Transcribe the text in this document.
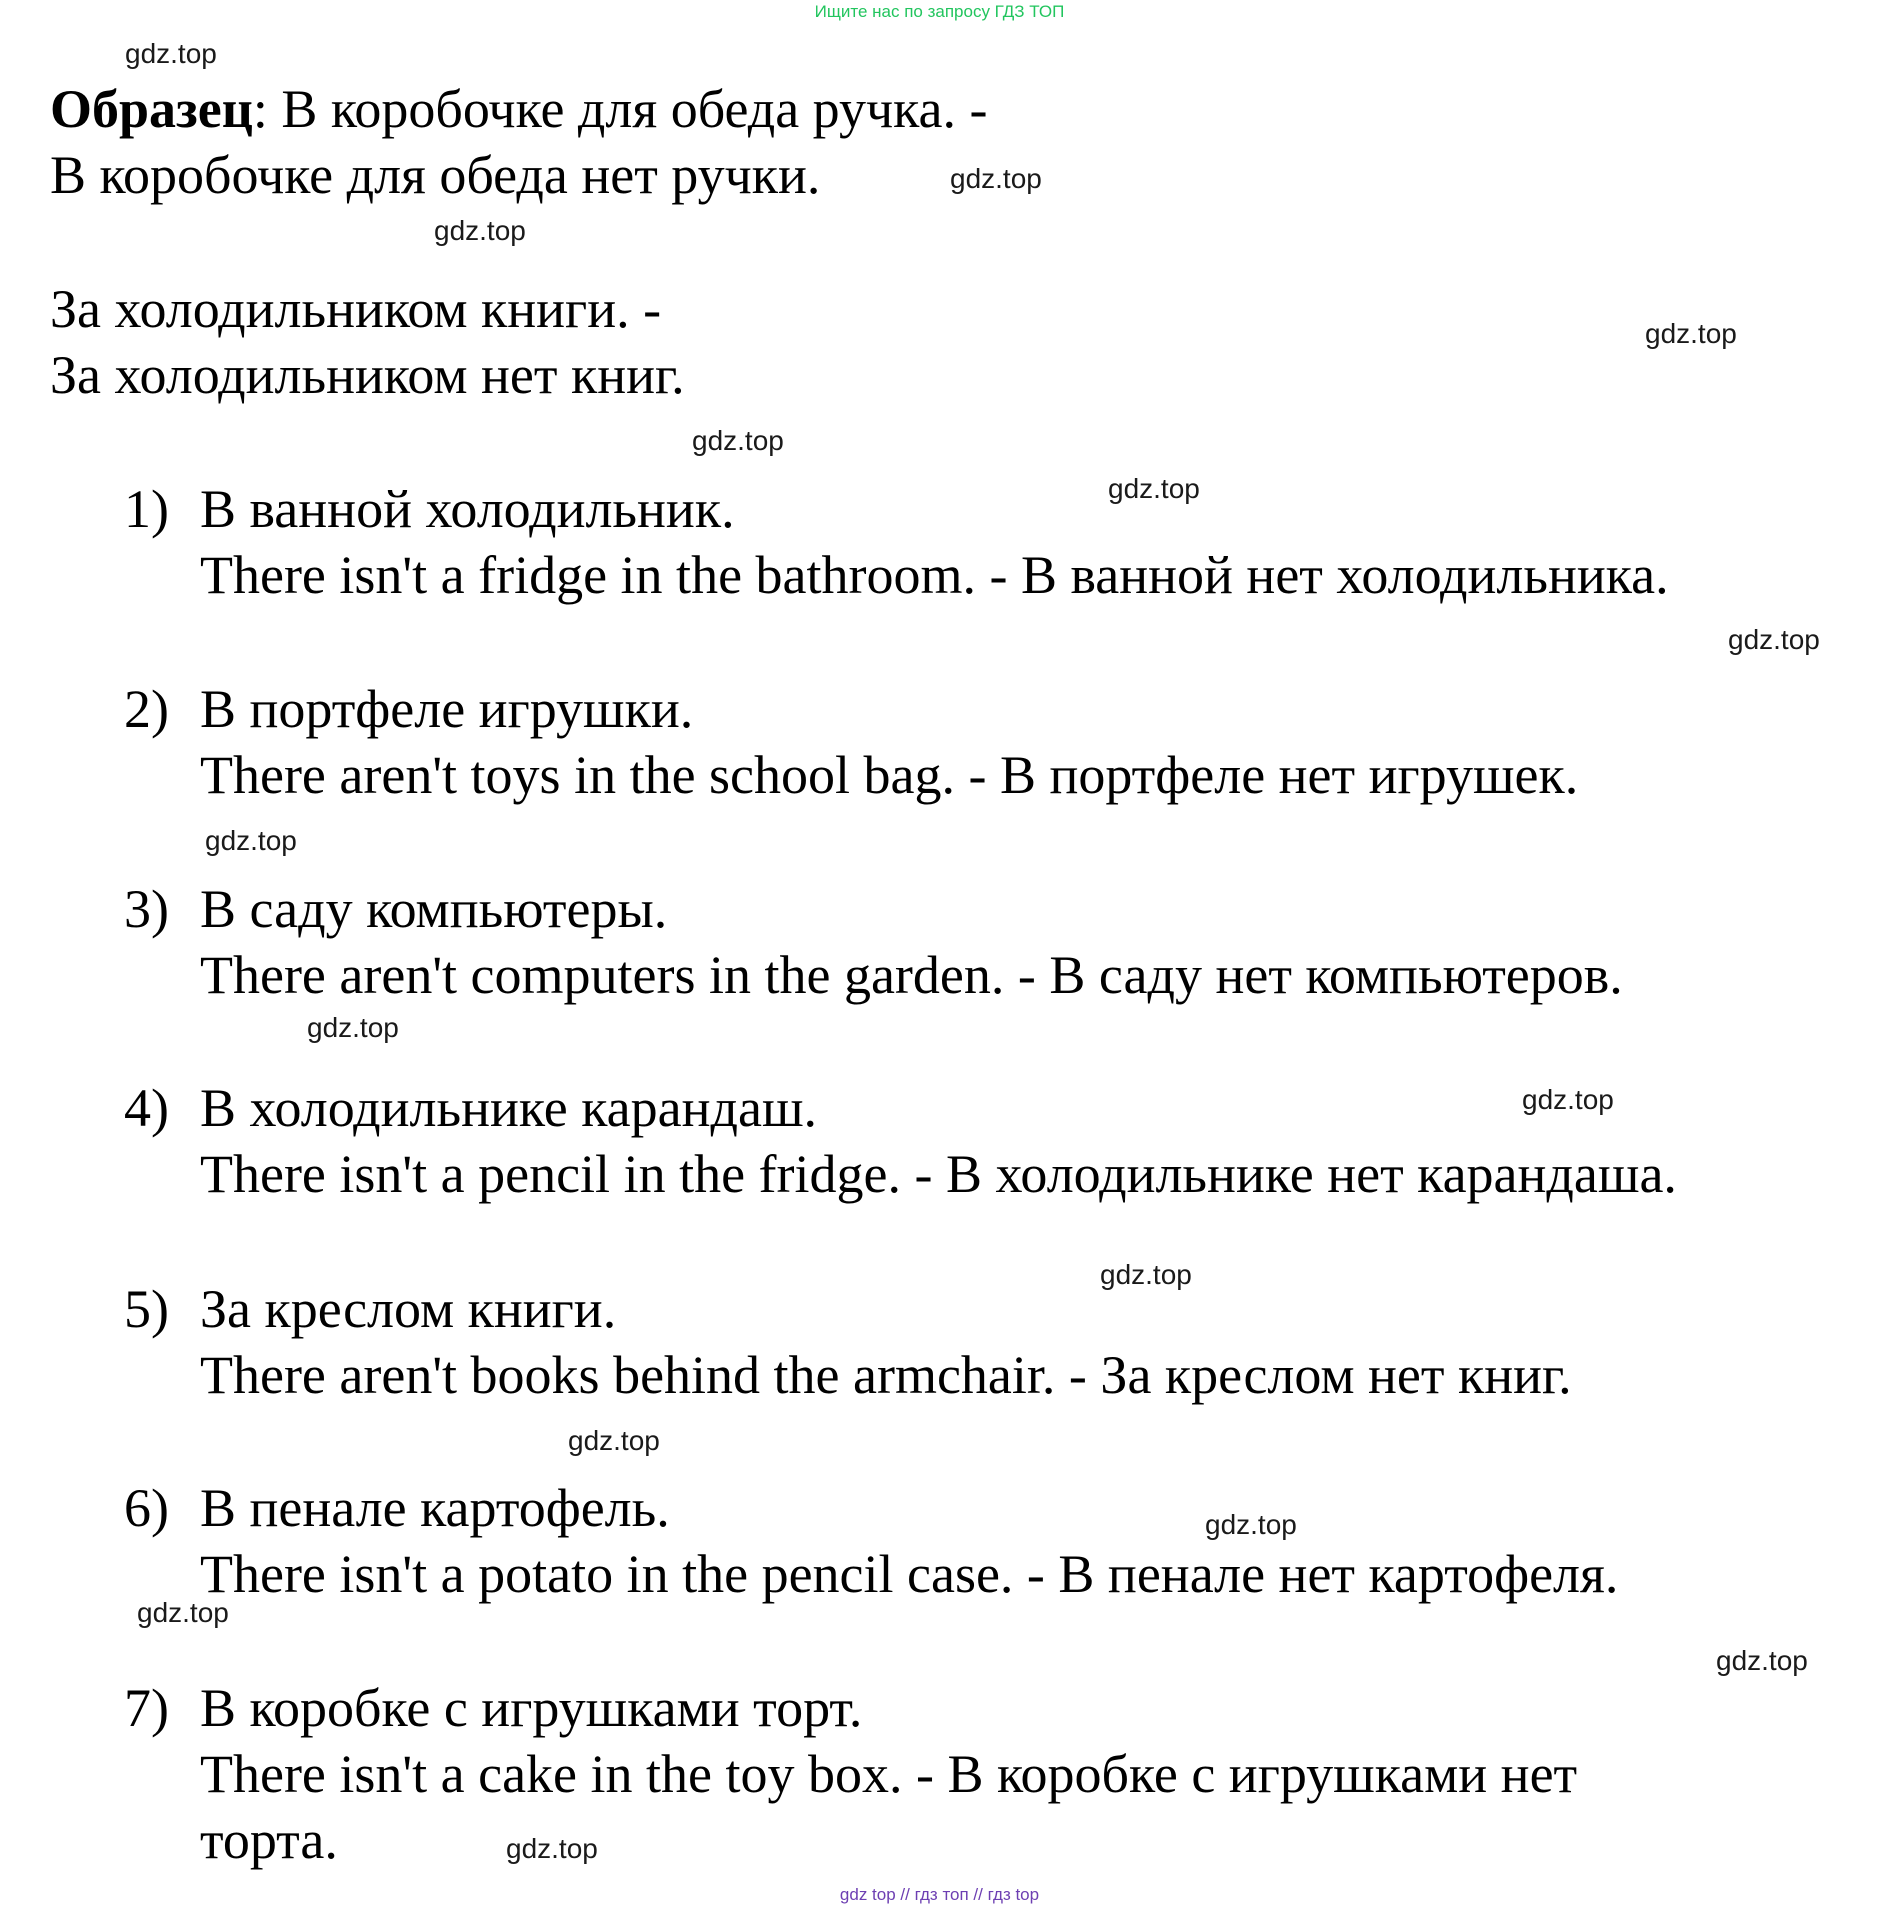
Ищите нас по запросу ГДЗ ТОП
gdz top // гдз топ // гдз top
gdz.top
gdz.top
gdz.top
gdz.top
gdz.top
gdz.top
gdz.top
gdz.top
gdz.top
gdz.top
gdz.top
gdz.top
gdz.top
gdz.top
gdz.top
gdz.top
Образец: В коробочке для обеда ручка. -
В коробочке для обеда нет ручки.
За холодильником книги. -
За холодильником нет книг.
1) В ванной холодильник.
There isn't a fridge in the bathroom. - В ванной нет холодильника.
2) В портфеле игрушки.
There aren't toys in the school bag. - В портфеле нет игрушек.
3) В саду компьютеры.
There aren't computers in the garden. - В саду нет компьютеров.
4) В холодильнике карандаш.
There isn't a pencil in the fridge. - В холодильнике нет карандаша.
5) За креслом книги.
There aren't books behind the armchair. - За креслом нет книг.
6) В пенале картофель.
There isn't a potato in the pencil case. - В пенале нет картофеля.
7) В коробке с игрушками торт.
There isn't a cake in the toy box. - В коробке с игрушками нет
торта.
